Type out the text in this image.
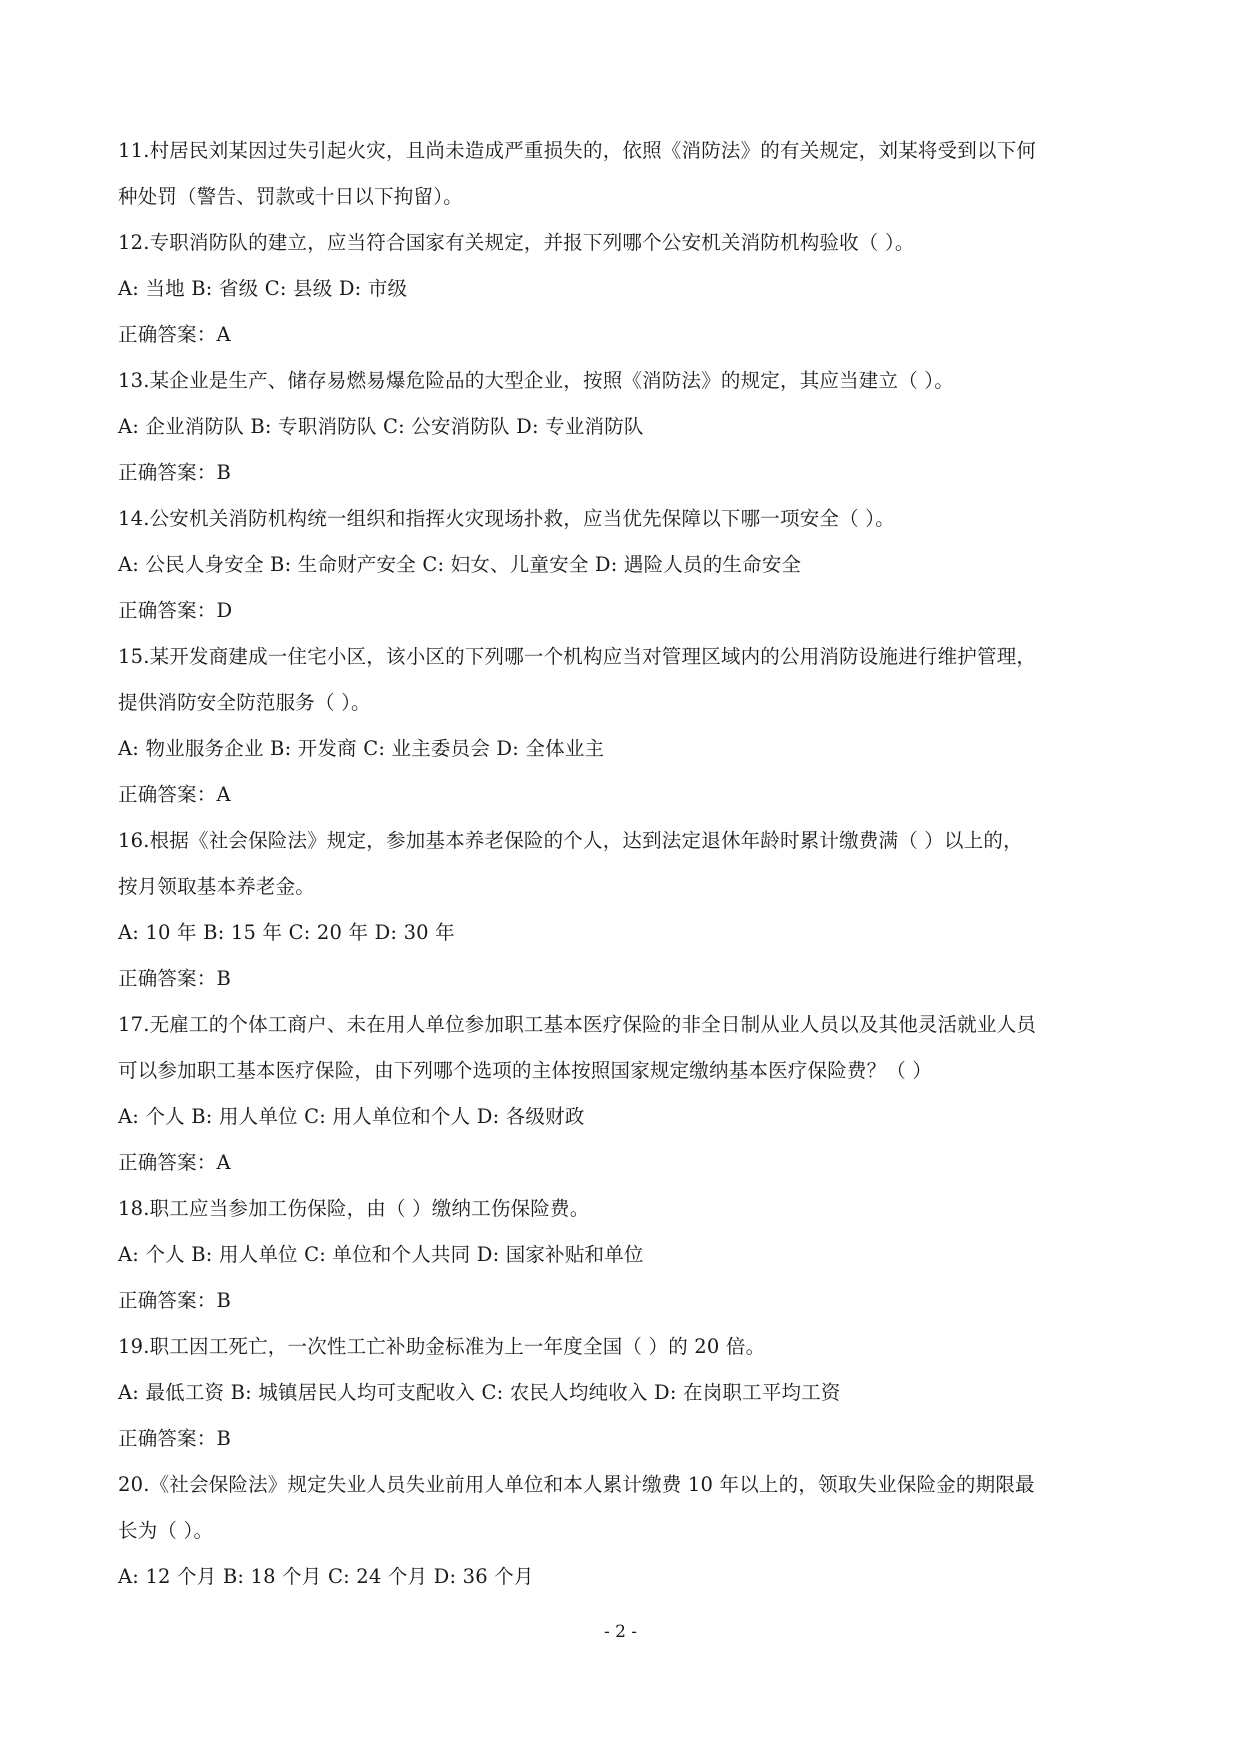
11.村居民刘某因过失引起火灾，且尚未造成严重损失的，依照《消防法》的有关规定，刘某将受到以下何
种处罚（警告、罚款或十日以下拘留）。
12.专职消防队的建立，应当符合国家有关规定，并报下列哪个公安机关消防机构验收（ ）。
A: 当地 B: 省级 C: 县级 D: 市级
正确答案：A
13.某企业是生产、储存易燃易爆危险品的大型企业，按照《消防法》的规定，其应当建立（ ）。
A: 企业消防队 B: 专职消防队 C: 公安消防队 D: 专业消防队
正确答案：B
14.公安机关消防机构统一组织和指挥火灾现场扑救，应当优先保障以下哪一项安全（ ）。
A: 公民人身安全 B: 生命财产安全 C: 妇女、儿童安全 D: 遇险人员的生命安全
正确答案：D
15.某开发商建成一住宅小区，该小区的下列哪一个机构应当对管理区域内的公用消防设施进行维护管理，
提供消防安全防范服务（ ）。
A: 物业服务企业 B: 开发商 C: 业主委员会 D: 全体业主
正确答案：A
16.根据《社会保险法》规定，参加基本养老保险的个人，达到法定退休年龄时累计缴费满（ ）以上的，
按月领取基本养老金。
A: 10 年 B: 15 年 C: 20 年 D: 30 年
正确答案：B
17.无雇工的个体工商户、未在用人单位参加职工基本医疗保险的非全日制从业人员以及其他灵活就业人员
可以参加职工基本医疗保险，由下列哪个选项的主体按照国家规定缴纳基本医疗保险费？（ ）
A: 个人 B: 用人单位 C: 用人单位和个人 D: 各级财政
正确答案：A
18.职工应当参加工伤保险，由（ ）缴纳工伤保险费。
A: 个人 B: 用人单位 C: 单位和个人共同 D: 国家补贴和单位
正确答案：B
19.职工因工死亡，一次性工亡补助金标准为上一年度全国（ ）的 20 倍。
A: 最低工资 B: 城镇居民人均可支配收入 C: 农民人均纯收入 D: 在岗职工平均工资
正确答案：B
20.《社会保险法》规定失业人员失业前用人单位和本人累计缴费 10 年以上的，领取失业保险金的期限最
长为（ ）。
A: 12 个月 B: 18 个月 C: 24 个月 D: 36 个月
- 2 -
